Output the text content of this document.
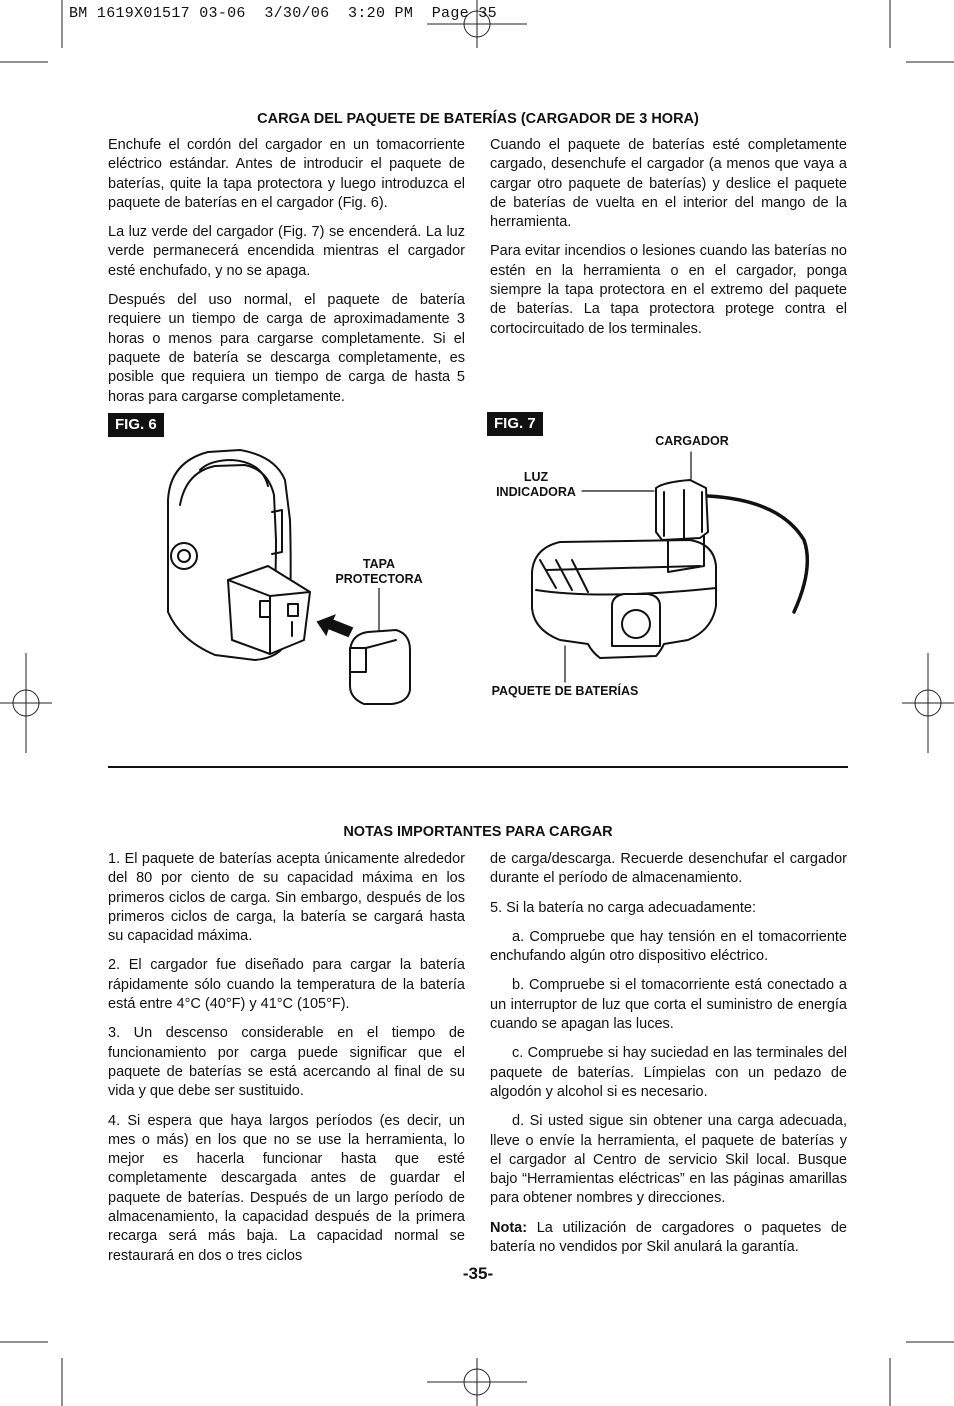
BM 1619X01517 03-06  3/30/06  3:20 PM  Page 35
CARGA DEL PAQUETE DE BATERÍAS (CARGADOR DE 3 HORA)

Enchufe el cordón del cargador en un tomacorriente eléctrico estándar. Antes de introducir el paquete de baterías, quite la tapa protectora y luego introduzca el paquete de baterías en el cargador (Fig. 6).

La luz verde del cargador (Fig. 7) se encenderá. La luz verde permanecerá encendida mientras el cargador esté enchufado, y no se apaga.

Después del uso normal, el paquete de batería requiere un tiempo de carga de aproximadamente 3 horas o menos para cargarse completamente. Si el paquete de batería se descarga completamente, es posible que requiera un tiempo de carga de hasta 5 horas para cargarse completamente.

Cuando el paquete de baterías esté completamente cargado, desenchufe el cargador (a menos que vaya a cargar otro paquete de baterías) y deslice el paquete de baterías de vuelta en el interior del mango de la herramienta.

Para evitar incendios o lesiones cuando las baterías no estén en la herramienta o en el cargador, ponga siempre la tapa protectora en el extremo del paquete de baterías. La tapa protectora protege contra el cortocircuitado de los terminales.

FIG. 6
TAPA
PROTECTORA
FIG. 7
CARGADOR
LUZ
INDICADORA
PAQUETE DE BATERÍAS
NOTAS IMPORTANTES PARA CARGAR

1. El paquete de baterías acepta únicamente alrededor del 80 por ciento de su capacidad máxima en los primeros ciclos de carga. Sin embargo, después de los primeros ciclos de carga, la batería se cargará hasta su capacidad máxima.

2. El cargador fue diseñado para cargar la batería rápidamente sólo cuando la temperatura de la batería está entre 4°C (40°F) y 41°C (105°F).

3. Un descenso considerable en el tiempo de funcionamiento por carga puede significar que el paquete de baterías se está acercando al final de su vida y que debe ser sustituido.

4. Si espera que haya largos períodos (es decir, un mes o más) en los que no se use la herramienta, lo mejor es hacerla funcionar hasta que esté completamente descargada antes de guardar el paquete de baterías. Después de un largo período de almacenamiento, la capacidad después de la primera recarga será más baja. La capacidad normal se restaurará en dos o tres ciclos

de carga/descarga. Recuerde desenchufar el cargador durante el período de almacenamiento.

5. Si la batería no carga adecuadamente:

a. Compruebe que hay tensión en el tomacorriente enchufando algún otro dispositivo eléctrico.

b. Compruebe si el tomacorriente está conectado a un interruptor de luz que corta el suministro de energía cuando se apagan las luces.

c. Compruebe si hay suciedad en las terminales del paquete de baterías. Límpielas con un pedazo de algodón y alcohol si es necesario.

d. Si usted sigue sin obtener una carga adecuada, lleve o envíe la herramienta, el paquete de baterías y el cargador al Centro de servicio Skil local. Busque bajo “Herramientas eléctricas” en las páginas amarillas para obtener nombres y direcciones.

Nota: La utilización de cargadores o paquetes de batería no vendidos por Skil anulará la garantía.

-35-
